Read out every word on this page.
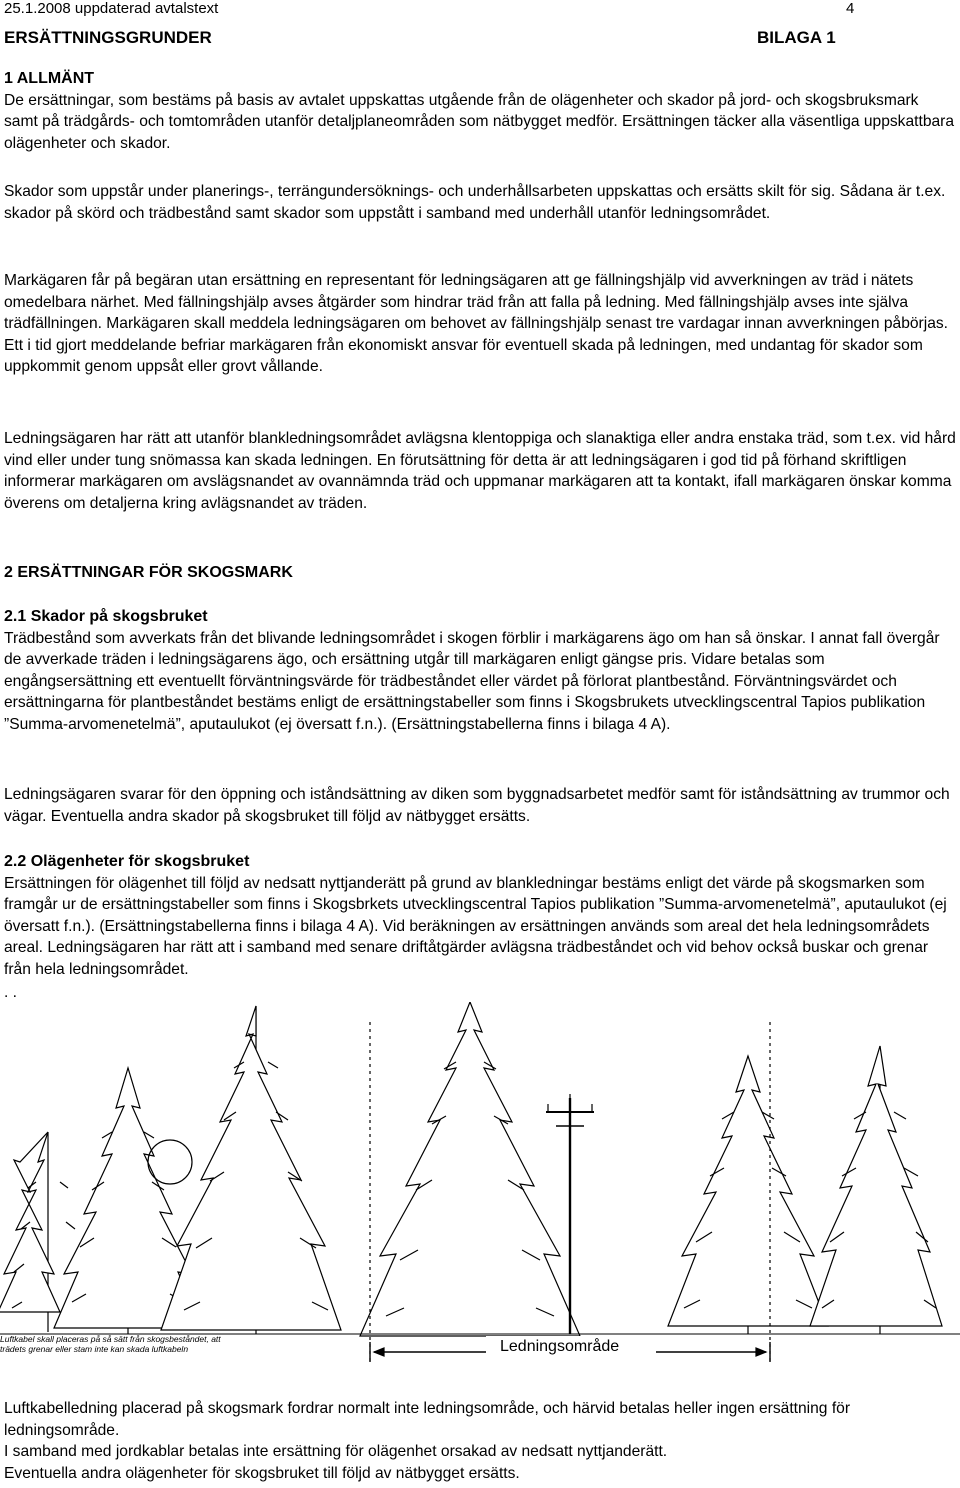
25.1.2008 uppdaterad avtalstext	4
ERSÄTTNINGSGRUNDER	BILAGA 1

1 ALLMÄNT

De ersättningar, som bestäms på basis av avtalet uppskattas utgående från de olägenheter och skador på jord- och skogsbruksmark samt på trädgårds- och tomtområden utanför detaljplaneområden som nätbygget medför. Ersättningen täcker alla väsentliga uppskattbara olägenheter och skador.

Skador som uppstår under planerings-, terrängundersöknings- och underhållsarbeten uppskattas och ersätts skilt för sig. Sådana är t.ex. skador på skörd och trädbestånd samt skador som uppstått i samband med underhåll utanför ledningsområdet.

Markägaren får på begäran utan ersättning en representant för ledningsägaren att ge fällningshjälp vid avverkningen av träd i nätets omedelbara närhet. Med fällningshjälp avses åtgärder som hindrar träd från att falla på ledning. Med fällningshjälp avses inte själva trädfällningen. Markägaren skall meddela ledningsägaren om behovet av fällningshjälp senast tre vardagar innan avverkningen påbörjas. Ett i tid gjort meddelande befriar markägaren från ekonomiskt ansvar för eventuell skada på ledningen, med undantag för skador som uppkommit genom uppsåt eller grovt vållande.

Ledningsägaren har rätt att utanför blankledningsområdet avlägsna klentoppiga och slanaktiga eller andra enstaka träd, som t.ex. vid hård vind eller under tung snömassa kan skada ledningen. En förutsättning för detta är att ledningsägaren i god tid på förhand skriftligen informerar markägaren om avslägsnandet av ovannämnda träd och uppmanar markägaren att ta kontakt, ifall markägaren önskar komma överens om detaljerna kring avlägsnandet av träden.

2 ERSÄTTNINGAR FÖR SKOGSMARK

2.1 Skador på skogsbruket

Trädbestånd som avverkats från det blivande ledningsområdet i skogen förblir i markägarens ägo om han så önskar. I annat fall övergår de avverkade träden i ledningsägarens ägo, och ersättning utgår till markägaren enligt gängse pris. Vidare betalas som engångsersättning ett eventuellt förväntningsvärde för trädbeståndet eller värdet på förlorat plantbestånd. Förväntningsvärdet och ersättningarna för plantbeståndet bestäms enligt de ersättningstabeller som finns i Skogsbrukets utvecklingscentral Tapios publikation ”Summa-arvomenetelmä”, aputaulukot (ej översatt f.n.). (Ersättningstabellerna finns i bilaga 4 A).

Ledningsägaren svarar för den öppning och iståndsättning av diken som byggnadsarbetet medför samt för iståndsättning av trummor och vägar. Eventuella andra skador på skogsbruket till följd av nätbygget ersätts.

2.2 Olägenheter för skogsbruket

Ersättningen för olägenhet till följd av nedsatt nyttjanderätt på grund av blankledningar bestäms enligt det värde på skogsmarken som framgår ur de ersättningstabeller som finns i Skogsbrkets utvecklingscentral Tapios publikation ”Summa-arvomenetelmä”, aputaulukot (ej översatt f.n.). (Ersättningstabellerna finns i bilaga 4 A). Vid beräkningen av ersättningen används som areal det hela ledningsområdets areal. Ledningsägaren har rätt att i samband med senare driftåtgärder avlägsna trädbeståndet och vid behov också buskar och grenar från hela ledningsområdet.

. .

Ledningsområde
Luftkabel skall placeras på så sätt från skogsbeståndet, att trädets grenar eller stam inte kan skada luftkabeln

Luftkabelledning placerad på skogsmark fordrar normalt inte ledningsområde, och härvid betalas heller ingen ersättning för ledningsområde.

I samband med jordkablar betalas inte ersättning för olägenhet orsakad av nedsatt nyttjanderätt.

Eventuella andra olägenheter för skogsbruket till följd av nätbygget ersätts.
